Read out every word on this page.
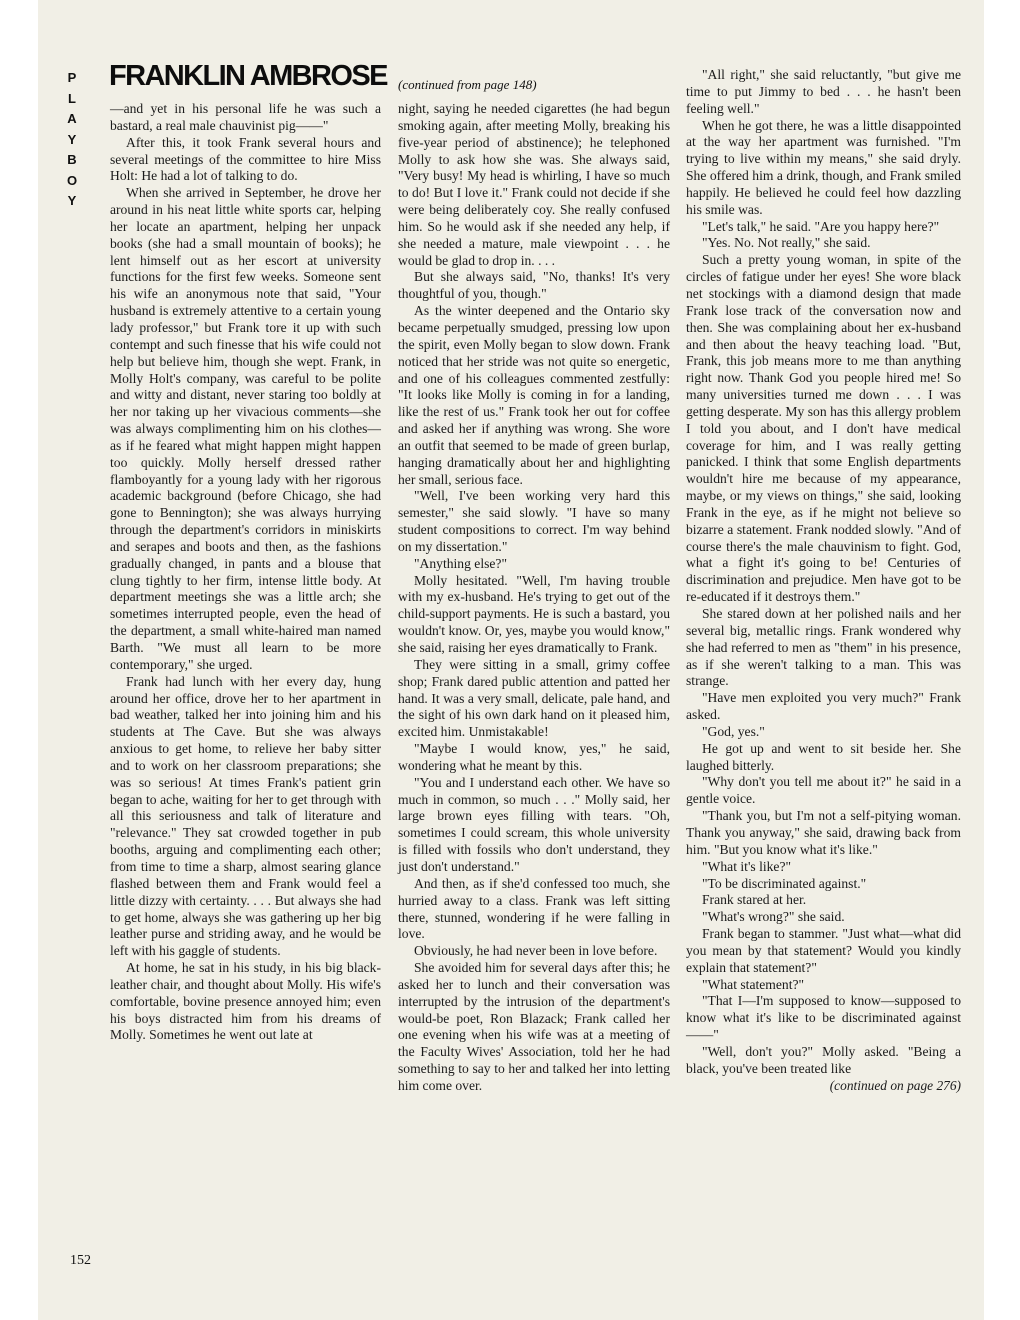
P
L
A
Y
B
O
Y
FRANKLIN AMBROSE (continued from page 148)

—and yet in his personal life he was such a bastard, a real male chauvinist pig——"

After this, it took Frank several hours and several meetings of the committee to hire Miss Holt: He had a lot of talking to do.

When she arrived in September, he drove her around in his neat little white sports car, helping her locate an apartment, helping her unpack books (she had a small mountain of books); he lent himself out as her escort at university functions for the first few weeks. Someone sent his wife an anonymous note that said, "Your husband is extremely attentive to a certain young lady professor," but Frank tore it up with such contempt and such finesse that his wife could not help but believe him, though she wept. Frank, in Molly Holt's company, was careful to be polite and witty and distant, never staring too boldly at her nor taking up her vivacious comments—she was always complimenting him on his clothes—as if he feared what might happen might happen too quickly. Molly herself dressed rather flamboyantly for a young lady with her rigorous academic background (before Chicago, she had gone to Bennington); she was always hurrying through the department's corridors in miniskirts and serapes and boots and then, as the fashions gradually changed, in pants and a blouse that clung tightly to her firm, intense little body. At department meetings she was a little arch; she sometimes interrupted people, even the head of the department, a small white-haired man named Barth. "We must all learn to be more contemporary," she urged.

Frank had lunch with her every day, hung around her office, drove her to her apartment in bad weather, talked her into joining him and his students at The Cave. But she was always anxious to get home, to relieve her baby sitter and to work on her classroom preparations; she was so serious! At times Frank's patient grin began to ache, waiting for her to get through with all this seriousness and talk of literature and "relevance." They sat crowded together in pub booths, arguing and complimenting each other; from time to time a sharp, almost searing glance flashed between them and Frank would feel a little dizzy with certainty. . . . But always she had to get home, always she was gathering up her big leather purse and striding away, and he would be left with his gaggle of students.

At home, he sat in his study, in his big black-leather chair, and thought about Molly. His wife's comfortable, bovine presence annoyed him; even his boys distracted him from his dreams of Molly. Sometimes he went out late at

night, saying he needed cigarettes (he had begun smoking again, after meeting Molly, breaking his five-year period of abstinence); he telephoned Molly to ask how she was. She always said, "Very busy! My head is whirling, I have so much to do! But I love it." Frank could not decide if she were being deliberately coy. She really confused him. So he would ask if she needed any help, if she needed a mature, male viewpoint . . . he would be glad to drop in. . . .

But she always said, "No, thanks! It's very thoughtful of you, though."

As the winter deepened and the Ontario sky became perpetually smudged, pressing low upon the spirit, even Molly began to slow down. Frank noticed that her stride was not quite so energetic, and one of his colleagues commented zestfully: "It looks like Molly is coming in for a landing, like the rest of us." Frank took her out for coffee and asked her if anything was wrong. She wore an outfit that seemed to be made of green burlap, hanging dramatically about her and highlighting her small, serious face.

"Well, I've been working very hard this semester," she said slowly. "I have so many student compositions to correct. I'm way behind on my dissertation."

"Anything else?"

Molly hesitated. "Well, I'm having trouble with my ex-husband. He's trying to get out of the child-support payments. He is such a bastard, you wouldn't know. Or, yes, maybe you would know," she said, raising her eyes dramatically to Frank.

They were sitting in a small, grimy coffee shop; Frank dared public attention and patted her hand. It was a very small, delicate, pale hand, and the sight of his own dark hand on it pleased him, excited him. Unmistakable!

"Maybe I would know, yes," he said, wondering what he meant by this.

"You and I understand each other. We have so much in common, so much . . ." Molly said, her large brown eyes filling with tears. "Oh, sometimes I could scream, this whole university is filled with fossils who don't understand, they just don't understand."

And then, as if she'd confessed too much, she hurried away to a class. Frank was left sitting there, stunned, wondering if he were falling in love.

Obviously, he had never been in love before.

She avoided him for several days after this; he asked her to lunch and their conversation was interrupted by the intrusion of the department's would-be poet, Ron Blazack; Frank called her one evening when his wife was at a meeting of the Faculty Wives' Association, told her he had something to say to her and talked her into letting him come over.

"All right," she said reluctantly, "but give me time to put Jimmy to bed . . . he hasn't been feeling well."

When he got there, he was a little disappointed at the way her apartment was furnished. "I'm trying to live within my means," she said dryly. She offered him a drink, though, and Frank smiled happily. He believed he could feel how dazzling his smile was.

"Let's talk," he said. "Are you happy here?"

"Yes. No. Not really," she said.

Such a pretty young woman, in spite of the circles of fatigue under her eyes! She wore black net stockings with a diamond design that made Frank lose track of the conversation now and then. She was complaining about her ex-husband and then about the heavy teaching load. "But, Frank, this job means more to me than anything right now. Thank God you people hired me! So many universities turned me down . . . I was getting desperate. My son has this allergy problem I told you about, and I don't have medical coverage for him, and I was really getting panicked. I think that some English departments wouldn't hire me because of my appearance, maybe, or my views on things," she said, looking Frank in the eye, as if he might not believe so bizarre a statement. Frank nodded slowly. "And of course there's the male chauvinism to fight. God, what a fight it's going to be! Centuries of discrimination and prejudice. Men have got to be re-educated if it destroys them."

She stared down at her polished nails and her several big, metallic rings. Frank wondered why she had referred to men as "them" in his presence, as if she weren't talking to a man. This was strange.

"Have men exploited you very much?" Frank asked.

"God, yes."

He got up and went to sit beside her. She laughed bitterly.

"Why don't you tell me about it?" he said in a gentle voice.

"Thank you, but I'm not a self-pitying woman. Thank you anyway," she said, drawing back from him. "But you know what it's like."

"What it's like?"

"To be discriminated against."

Frank stared at her.

"What's wrong?" she said.

Frank began to stammer. "Just what—what did you mean by that statement? Would you kindly explain that statement?"

"What statement?"

"That I—I'm supposed to know—supposed to know what it's like to be discriminated against——"

"Well, don't you?" Molly asked. "Being a black, you've been treated like

(continued on page 276)
152
